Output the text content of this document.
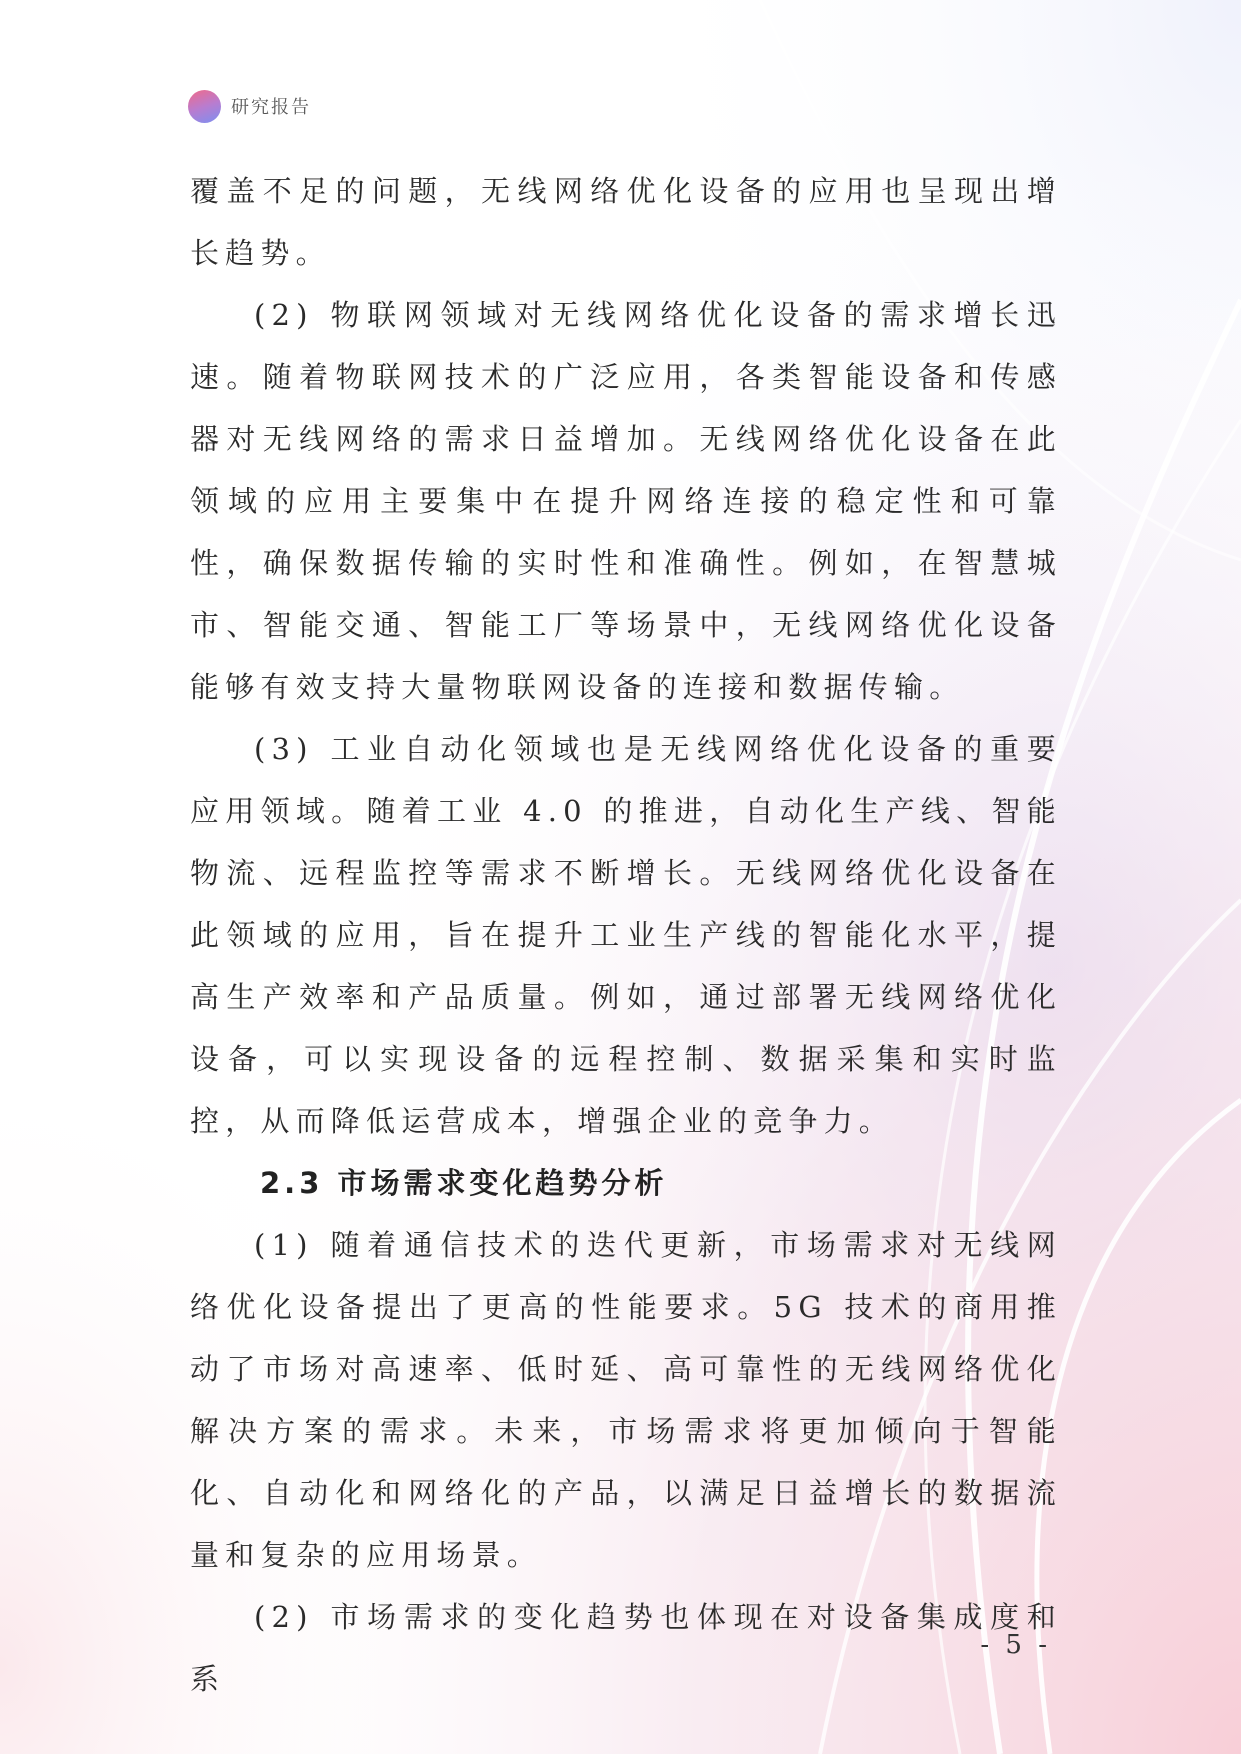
研究报告

覆盖不足的问题，无线网络优化设备的应用也呈现出增长趋势。

(2) 物联网领域对无线网络优化设备的需求增长迅速。随着物联网技术的广泛应用，各类智能设备和传感器对无线网络的需求日益增加。无线网络优化设备在此领域的应用主要集中在提升网络连接的稳定性和可靠性，确保数据传输的实时性和准确性。例如，在智慧城市、智能交通、智能工厂等场景中，无线网络优化设备能够有效支持大量物联网设备的连接和数据传输。

(3) 工业自动化领域也是无线网络优化设备的重要应用领域。随着工业 4.0 的推进，自动化生产线、智能物流、远程监控等需求不断增长。无线网络优化设备在此领域的应用，旨在提升工业生产线的智能化水平，提高生产效率和产品质量。例如，通过部署无线网络优化设备，可以实现设备的远程控制、数据采集和实时监控，从而降低运营成本，增强企业的竞争力。

2.3 市场需求变化趋势分析

(1) 随着通信技术的迭代更新，市场需求对无线网络优化设备提出了更高的性能要求。5G 技术的商用推动了市场对高速率、低时延、高可靠性的无线网络优化解决方案的需求。未来，市场需求将更加倾向于智能化、自动化和网络化的产品，以满足日益增长的数据流量和复杂的应用场景。

(2) 市场需求的变化趋势也体现在对设备集成度和系

- 5 -
